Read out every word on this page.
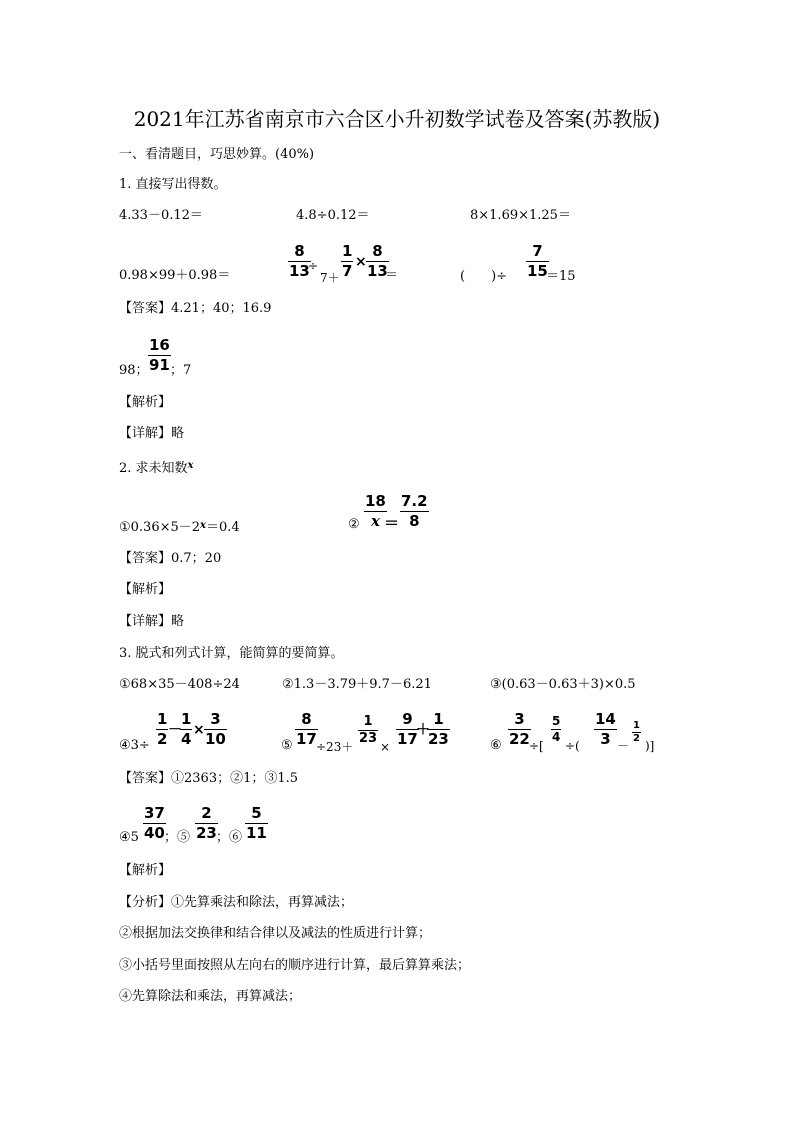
2021年江苏省南京市六合区小升初数学试卷及答案(苏教版)
一、看清题目，巧思妙算。(40%)
1. 直接写出得数。
4.33－0.12＝	4.8÷0.12＝	8×1.69×1.25＝
0.98×99＋0.98＝
8
13
÷
7＋
1
7 ×
8
13
＝	(　　)÷
7
15
＝15
【答案】4.21；40；16.9
98；
16
91 ；7
【解析】
【详解】略
2. 求未知数$^x$
$①0.36\times 5-2^x=0.4$	②
18
x ＝
7.2
8
【答案】0.7；20
【解析】
【详解】略
3. 脱式和列式计算，能简算的要简算。
①68×35－408÷24	②1.3－3.79＋9.7－6.21	③(0.63－0.63＋3)×0.5
④3÷
1
2 －
1
4 ×
3
10	⑤
8
17 ÷23＋
1
23
×
9
17
＋
1
23	⑥
3
22 ÷[
5
4
÷(
14
3 －
1
2
)]
【答案】①2363；②1；③1.5
④5
37
40 ；⑤
2
23 ；⑥
5
11
【解析】
【分析】①先算乘法和除法，再算减法；
②根据加法交换律和结合律以及减法的性质进行计算；
③小括号里面按照从左向右的顺序进行计算，最后算算乘法；
④先算除法和乘法，再算减法；
